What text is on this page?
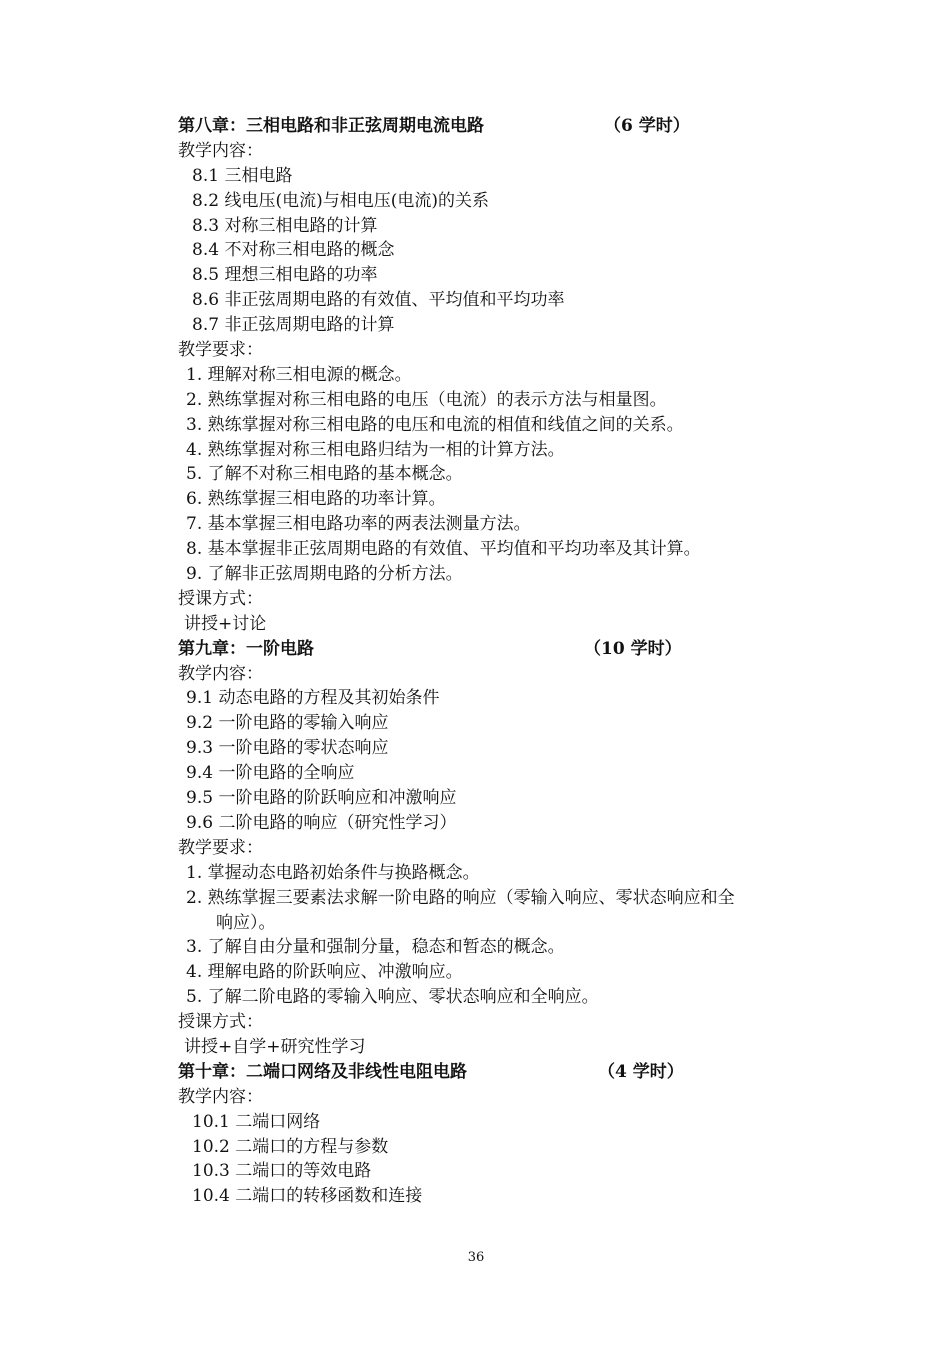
第八章：三相电路和非正弦周期电流电路	（6 学时）
教学内容：
8.1 三相电路
8.2 线电压(电流)与相电压(电流)的关系
8.3 对称三相电路的计算
8.4 不对称三相电路的概念
8.5 理想三相电路的功率
8.6 非正弦周期电路的有效值、平均值和平均功率
8.7 非正弦周期电路的计算
教学要求：
1. 理解对称三相电源的概念。
2. 熟练掌握对称三相电路的电压（电流）的表示方法与相量图。
3. 熟练掌握对称三相电路的电压和电流的相值和线值之间的关系。
4. 熟练掌握对称三相电路归结为一相的计算方法。
5. 了解不对称三相电路的基本概念。
6. 熟练掌握三相电路的功率计算。
7. 基本掌握三相电路功率的两表法测量方法。
8. 基本掌握非正弦周期电路的有效值、平均值和平均功率及其计算。
9. 了解非正弦周期电路的分析方法。
授课方式：
讲授+讨论
第九章：一阶电路	（10 学时）
教学内容：
9.1 动态电路的方程及其初始条件
9.2 一阶电路的零输入响应
9.3 一阶电路的零状态响应
9.4 一阶电路的全响应
9.5 一阶电路的阶跃响应和冲激响应
9.6 二阶电路的响应（研究性学习）
教学要求：
1. 掌握动态电路初始条件与换路概念。
2. 熟练掌握三要素法求解一阶电路的响应（零输入响应、零状态响应和全
响应）。
3. 了解自由分量和强制分量，稳态和暂态的概念。
4. 理解电路的阶跃响应、冲激响应。
5. 了解二阶电路的零输入响应、零状态响应和全响应。
授课方式：
讲授+自学+研究性学习
第十章：二端口网络及非线性电阻电路	（4 学时）
教学内容：
10.1 二端口网络
10.2 二端口的方程与参数
10.3 二端口的等效电路
10.4 二端口的转移函数和连接
36
